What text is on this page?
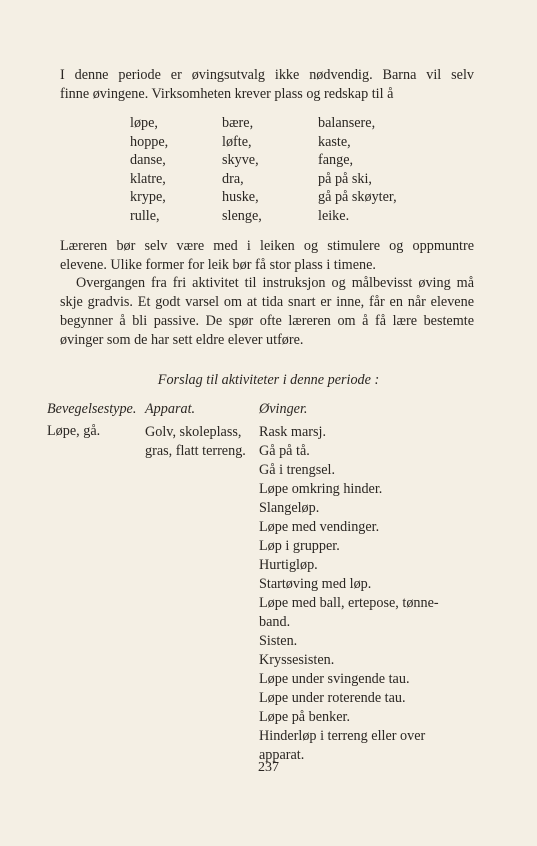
I denne periode er øvingsutvalg ikke nødvendig. Barna vil selv
finne øvingene. Virksomheten krever plass og redskap til å
løpe,
hoppe,
danse,
klatre,
krype,
rulle,
bære,
løfte,
skyve,
dra,
huske,
slenge,
balansere,
kaste,
fange,
på på ski,
gå på skøyter,
leike.
Læreren bør selv være med i leiken og stimulere og oppmuntre
elevene. Ulike former for leik bør få stor plass i timene.
Overgangen fra fri aktivitet til instruksjon og målbevisst øving må
skje gradvis. Et godt varsel om at tida snart er inne, får en når elevene
begynner å bli passive. De spør ofte læreren om å få lære bestemte
øvinger som de har sett eldre elever utføre.
Forslag til aktiviteter i denne periode :
Bevegelsestype. Apparat.	Øvinger.
Løpe, gå.	Golv, skoleplass,
gras, flatt terreng.
Rask marsj.
Gå på tå.
Gå i trengsel.
Løpe omkring hinder.
Slangeløp.
Løpe med vendinger.
Løp i grupper.
Hurtigløp.
Startøving med løp.
Løpe med ball, ertepose, tønne-
band.
Sisten.
Kryssesisten.
Løpe under svingende tau.
Løpe under roterende tau.
Løpe på benker.
Hinderløp i terreng eller over
apparat.
237
